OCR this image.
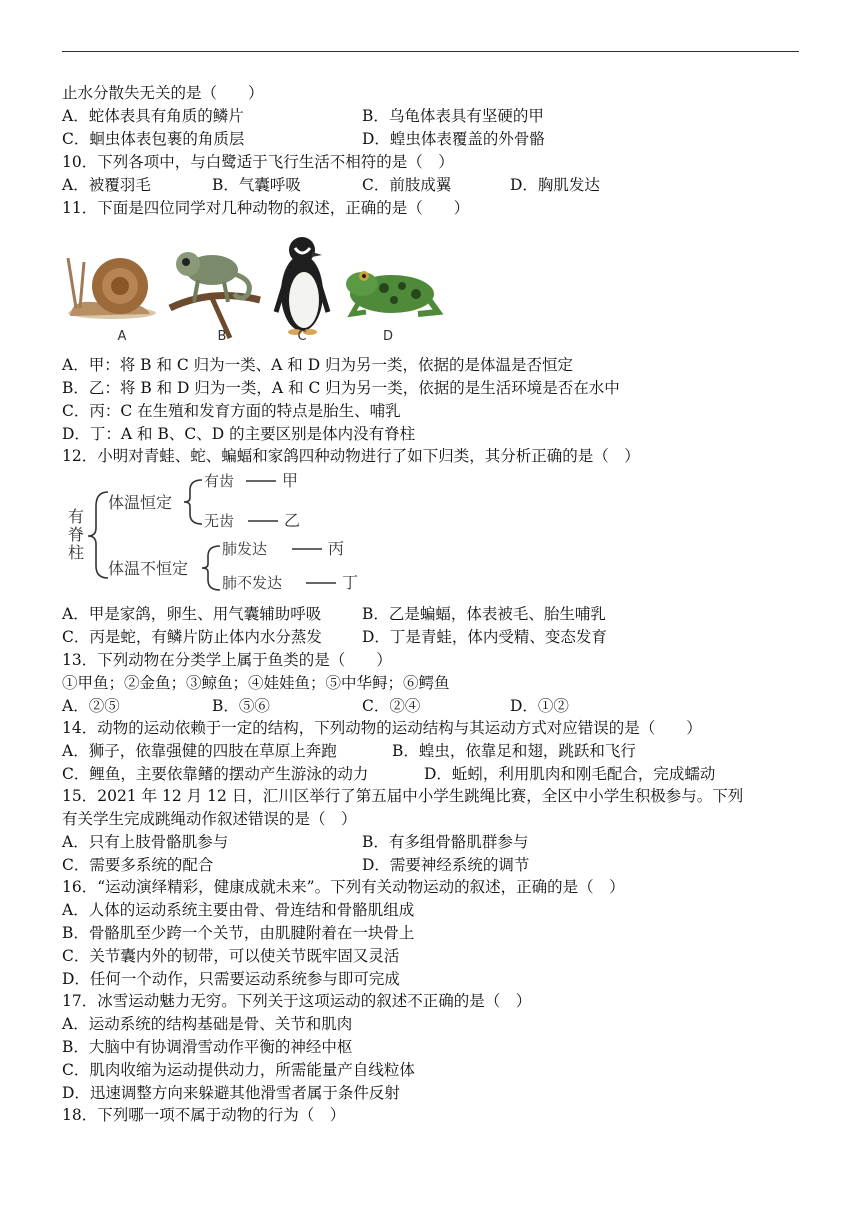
止水分散失无关的是（　　）
A．蛇体表具有角质的鳞片	B．乌龟体表具有坚硬的甲
C．蛔虫体表包裹的角质层	D．蝗虫体表覆盖的外骨骼
10．下列各项中，与白鹭适于飞行生活不相符的是（　）
A．被覆羽毛	B．气囊呼吸	C．前肢成翼	D．胸肌发达
11．下面是四位同学对几种动物的叙述，正确的是（　　）
A	B	C	D
A．甲：将 B 和 C 归为一类、A 和 D 归为另一类，依据的是体温是否恒定
B．乙：将 B 和 D 归为一类，A 和 C 归为另一类，依据的是生活环境是否在水中
C．丙：C 在生殖和发育方面的特点是胎生、哺乳
D．丁：A 和 B、C、D 的主要区别是体内没有脊柱
12．小明对青蛙、蛇、蝙蝠和家鸽四种动物进行了如下归类，其分析正确的是（　）
有
脊
柱
体温恒定
体温不恒定
有齿
无齿
肺发达
肺不发达
甲
乙
丙
丁
A．甲是家鸽，卵生、用气囊辅助呼吸	B．乙是蝙蝠，体表被毛、胎生哺乳
C．丙是蛇，有鳞片防止体内水分蒸发	D．丁是青蛙，体内受精、变态发育
13．下列动物在分类学上属于鱼类的是（　　）
①甲鱼；②金鱼；③鲸鱼；④娃娃鱼；⑤中华鲟；⑥鳄鱼
A．②⑤	B．⑤⑥	C．②④	D．①②
14．动物的运动依赖于一定的结构，下列动物的运动结构与其运动方式对应错误的是（　　）
A．狮子，依靠强健的四肢在草原上奔跑	B．蝗虫，依靠足和翅，跳跃和飞行
C．鲤鱼，主要依靠鳍的摆动产生游泳的动力	D．蚯蚓，利用肌肉和刚毛配合，完成蠕动
15．2021 年 12 月 12 日，汇川区举行了第五届中小学生跳绳比赛，全区中小学生积极参与。下列
有关学生完成跳绳动作叙述错误的是（　）
A．只有上肢骨骼肌参与	B．有多组骨骼肌群参与
C．需要多系统的配合	D．需要神经系统的调节
16．“运动演绎精彩，健康成就未来”。下列有关动物运动的叙述，正确的是（　）
A．人体的运动系统主要由骨、骨连结和骨骼肌组成
B．骨骼肌至少跨一个关节，由肌腱附着在一块骨上
C．关节囊内外的韧带，可以使关节既牢固又灵活
D．任何一个动作，只需要运动系统参与即可完成
17．冰雪运动魅力无穷。下列关于这项运动的叙述不正确的是（　）
A．运动系统的结构基础是骨、关节和肌肉
B．大脑中有协调滑雪动作平衡的神经中枢
C．肌肉收缩为运动提供动力，所需能量产自线粒体
D．迅速调整方向来躲避其他滑雪者属于条件反射
18．下列哪一项不属于动物的行为（　）
